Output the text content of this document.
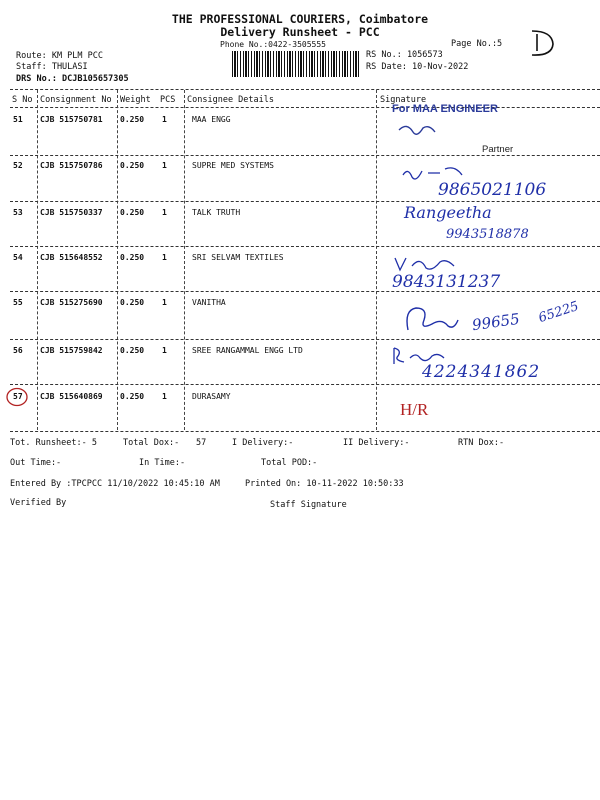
THE PROFESSIONAL COURIERS, Coimbatore
Delivery Runsheet - PCC
Phone No.:0422-3505555	Page No.:5
Route: KM PLM PCC
Staff: THULASI
DRS No.: DCJB105657305
RS No.: 1056573
RS Date: 10-Nov-2022
S No Consignment No Weight PCS Consignee Details	Signature
51 CJB 515750781 0.250 1	MAA ENGG
For MAA ENGINEER
Partner
52 CJB 515750786 0.250 1	SUPRE MED SYSTEMS
9865021106
53 CJB 515750337 0.250 1	TALK TRUTH	Rangeetha
9943518878
54 CJB 515648552 0.250 1	SRI SELVAM TEXTILES
9843131237
55 CJB 515275690 0.250 1	VANITHA
99655 65225
56 CJB 515759842 0.250 1	SREE RANGAMMAL ENGG LTD
4224341862
57 CJB 515640869 0.250 1	DURASAMY
H/R
Tot. Runsheet:- 5	Total Dox:- 57	I Delivery:-	II Delivery:-	RTN Dox:-
Out Time:-	In Time:-	Total POD:-
Entered By :TPCPCC 11/10/2022 10:45:10 AM	Printed On: 10-11-2022 10:50:33
Verified By	Staff Signature
